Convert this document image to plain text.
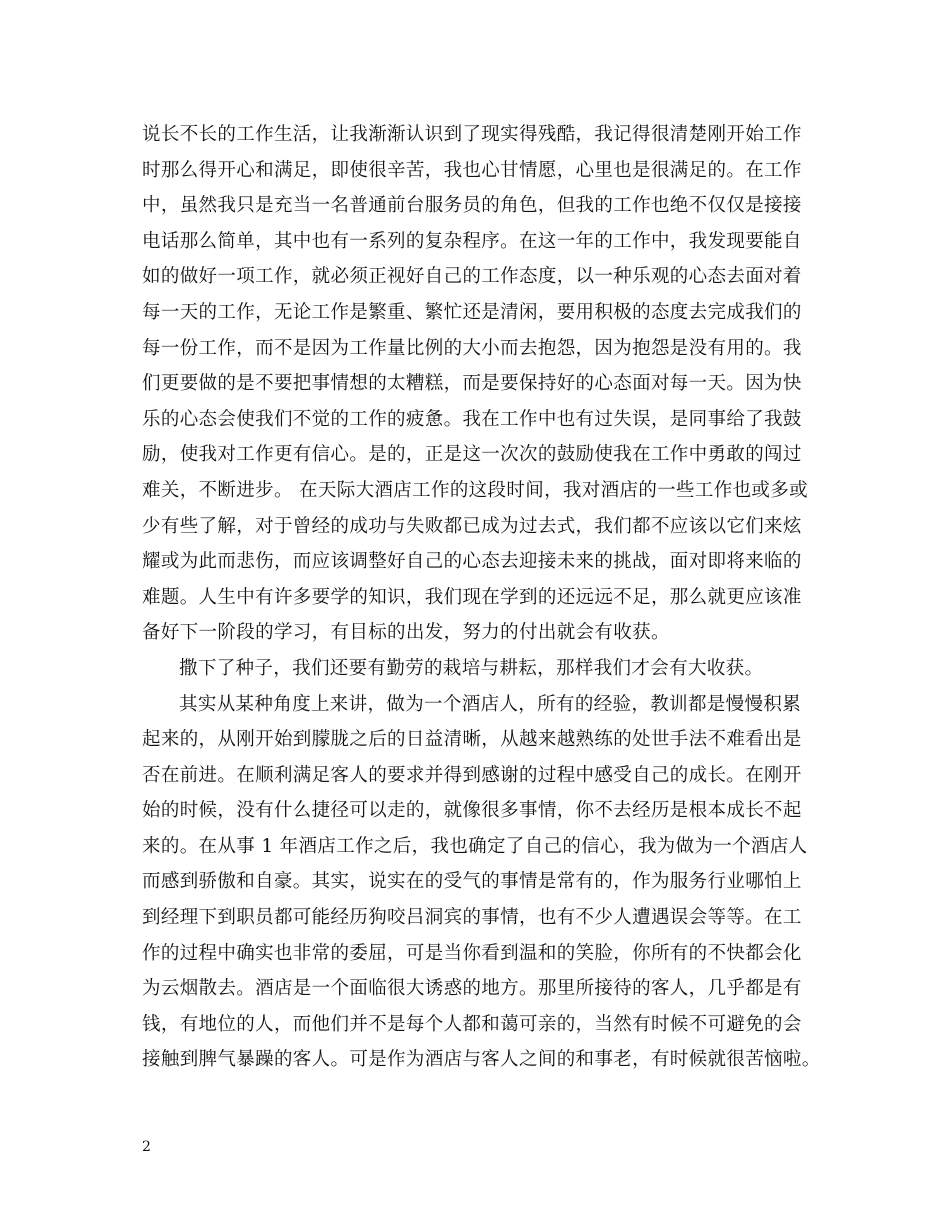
说长不长的工作生活，让我渐渐认识到了现实得残酷，我记得很清楚刚开始工作
时那么得开心和满足，即使很辛苦，我也心甘情愿，心里也是很满足的。在工作
中，虽然我只是充当一名普通前台服务员的角色，但我的工作也绝不仅仅是接接
电话那么简单，其中也有一系列的复杂程序。在这一年的工作中，我发现要能自
如的做好一项工作，就必须正视好自己的工作态度，以一种乐观的心态去面对着
每一天的工作，无论工作是繁重、繁忙还是清闲，要用积极的态度去完成我们的
每一份工作，而不是因为工作量比例的大小而去抱怨，因为抱怨是没有用的。我
们更要做的是不要把事情想的太糟糕，而是要保持好的心态面对每一天。因为快
乐的心态会使我们不觉的工作的疲惫。我在工作中也有过失误，是同事给了我鼓
励，使我对工作更有信心。是的，正是这一次次的鼓励使我在工作中勇敢的闯过
难关，不断进步。 在天际大酒店工作的这段时间，我对酒店的一些工作也或多或
少有些了解，对于曾经的成功与失败都已成为过去式，我们都不应该以它们来炫
耀或为此而悲伤，而应该调整好自己的心态去迎接未来的挑战，面对即将来临的
难题。人生中有许多要学的知识，我们现在学到的还远远不足，那么就更应该准
备好下一阶段的学习，有目标的出发，努力的付出就会有收获。
撒下了种子，我们还要有勤劳的栽培与耕耘，那样我们才会有大收获。
其实从某种角度上来讲，做为一个酒店人，所有的经验，教训都是慢慢积累
起来的，从刚开始到朦胧之后的日益清晰，从越来越熟练的处世手法不难看出是
否在前进。在顺利满足客人的要求并得到感谢的过程中感受自己的成长。在刚开
始的时候，没有什么捷径可以走的，就像很多事情，你不去经历是根本成长不起
来的。在从事 1 年酒店工作之后，我也确定了自己的信心，我为做为一个酒店人
而感到骄傲和自豪。其实，说实在的受气的事情是常有的，作为服务行业哪怕上
到经理下到职员都可能经历狗咬吕洞宾的事情，也有不少人遭遇误会等等。在工
作的过程中确实也非常的委屈，可是当你看到温和的笑脸，你所有的不快都会化
为云烟散去。酒店是一个面临很大诱惑的地方。那里所接待的客人，几乎都是有
钱，有地位的人，而他们并不是每个人都和蔼可亲的，当然有时候不可避免的会
接触到脾气暴躁的客人。可是作为酒店与客人之间的和事老，有时候就很苦恼啦。
2
